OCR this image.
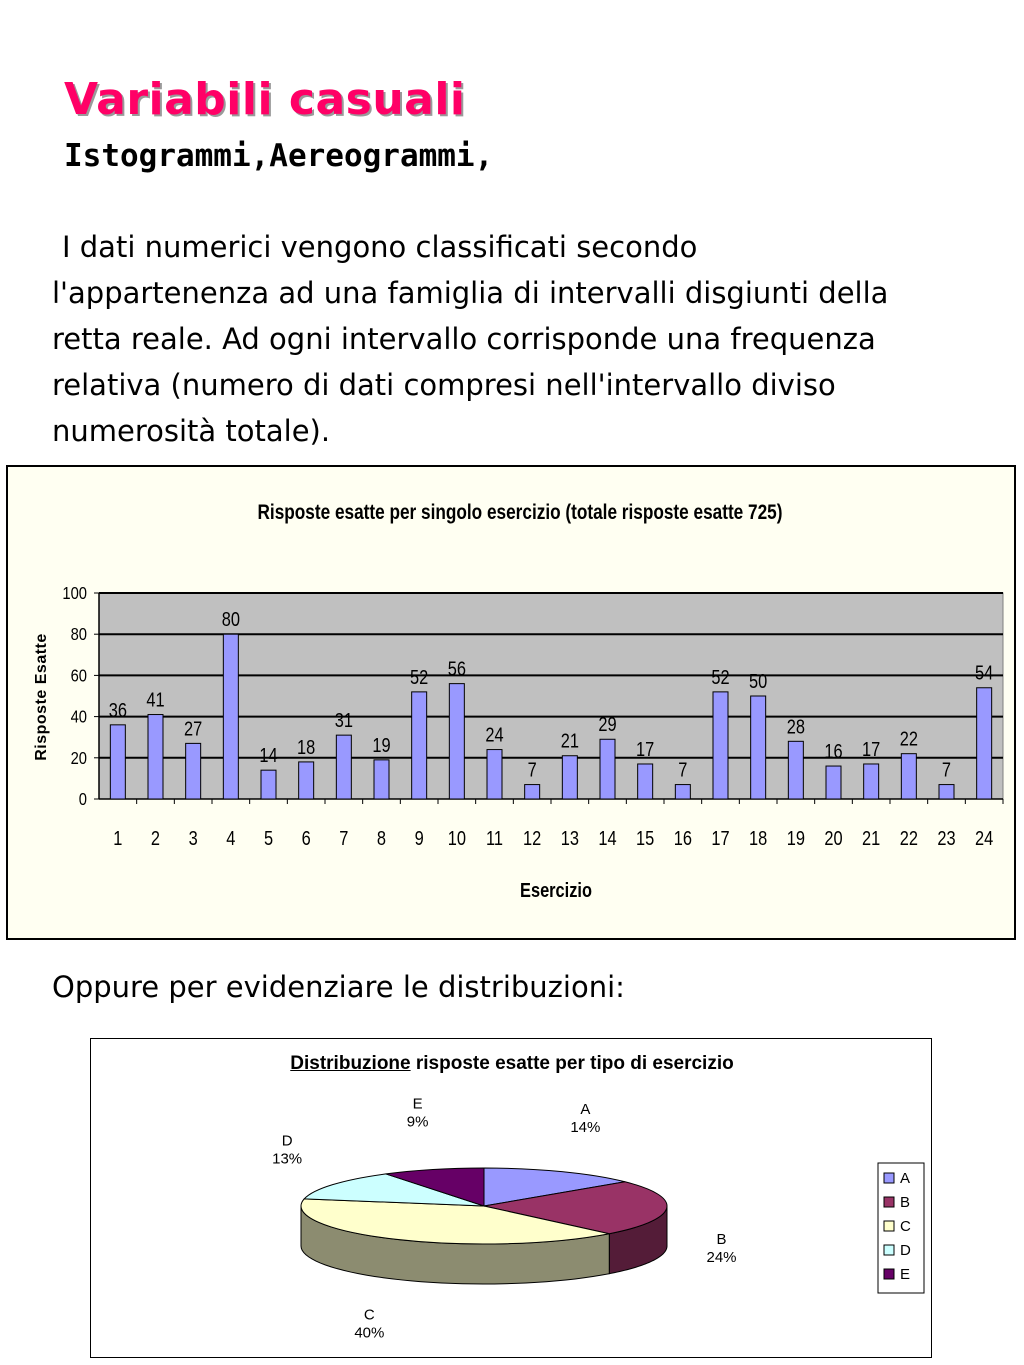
Variabili casuali
Istogrammi,Aereogrammi,

I dati numerici vengono classificati secondo
l'appartenenza ad una famiglia di intervalli disgiunti della
retta reale. Ad ogni intervallo corrisponde una frequenza
relativa (numero di dati compresi nell'intervallo diviso
numerosità totale).

Risposte esatte per singolo esercizio (totale risposte esatte 725)
Risposte Esatte
Esercizio
0
20
40
60
80
100
36
1
41
2
27
3
80
4
14
5
18
6
31
7
19
8
52
9
56
10
24
11
7
12
21
13
29
14
17
15
7
16
52
17
50
18
28
19
16
20
17
21
22
22
7
23
54
24

Oppure per evidenziare le distribuzioni:

Distribuzione risposte esatte per tipo di esercizio
A
14%
B
24%
C
40%
D
13%
E
9%
A
B
C
D
E
